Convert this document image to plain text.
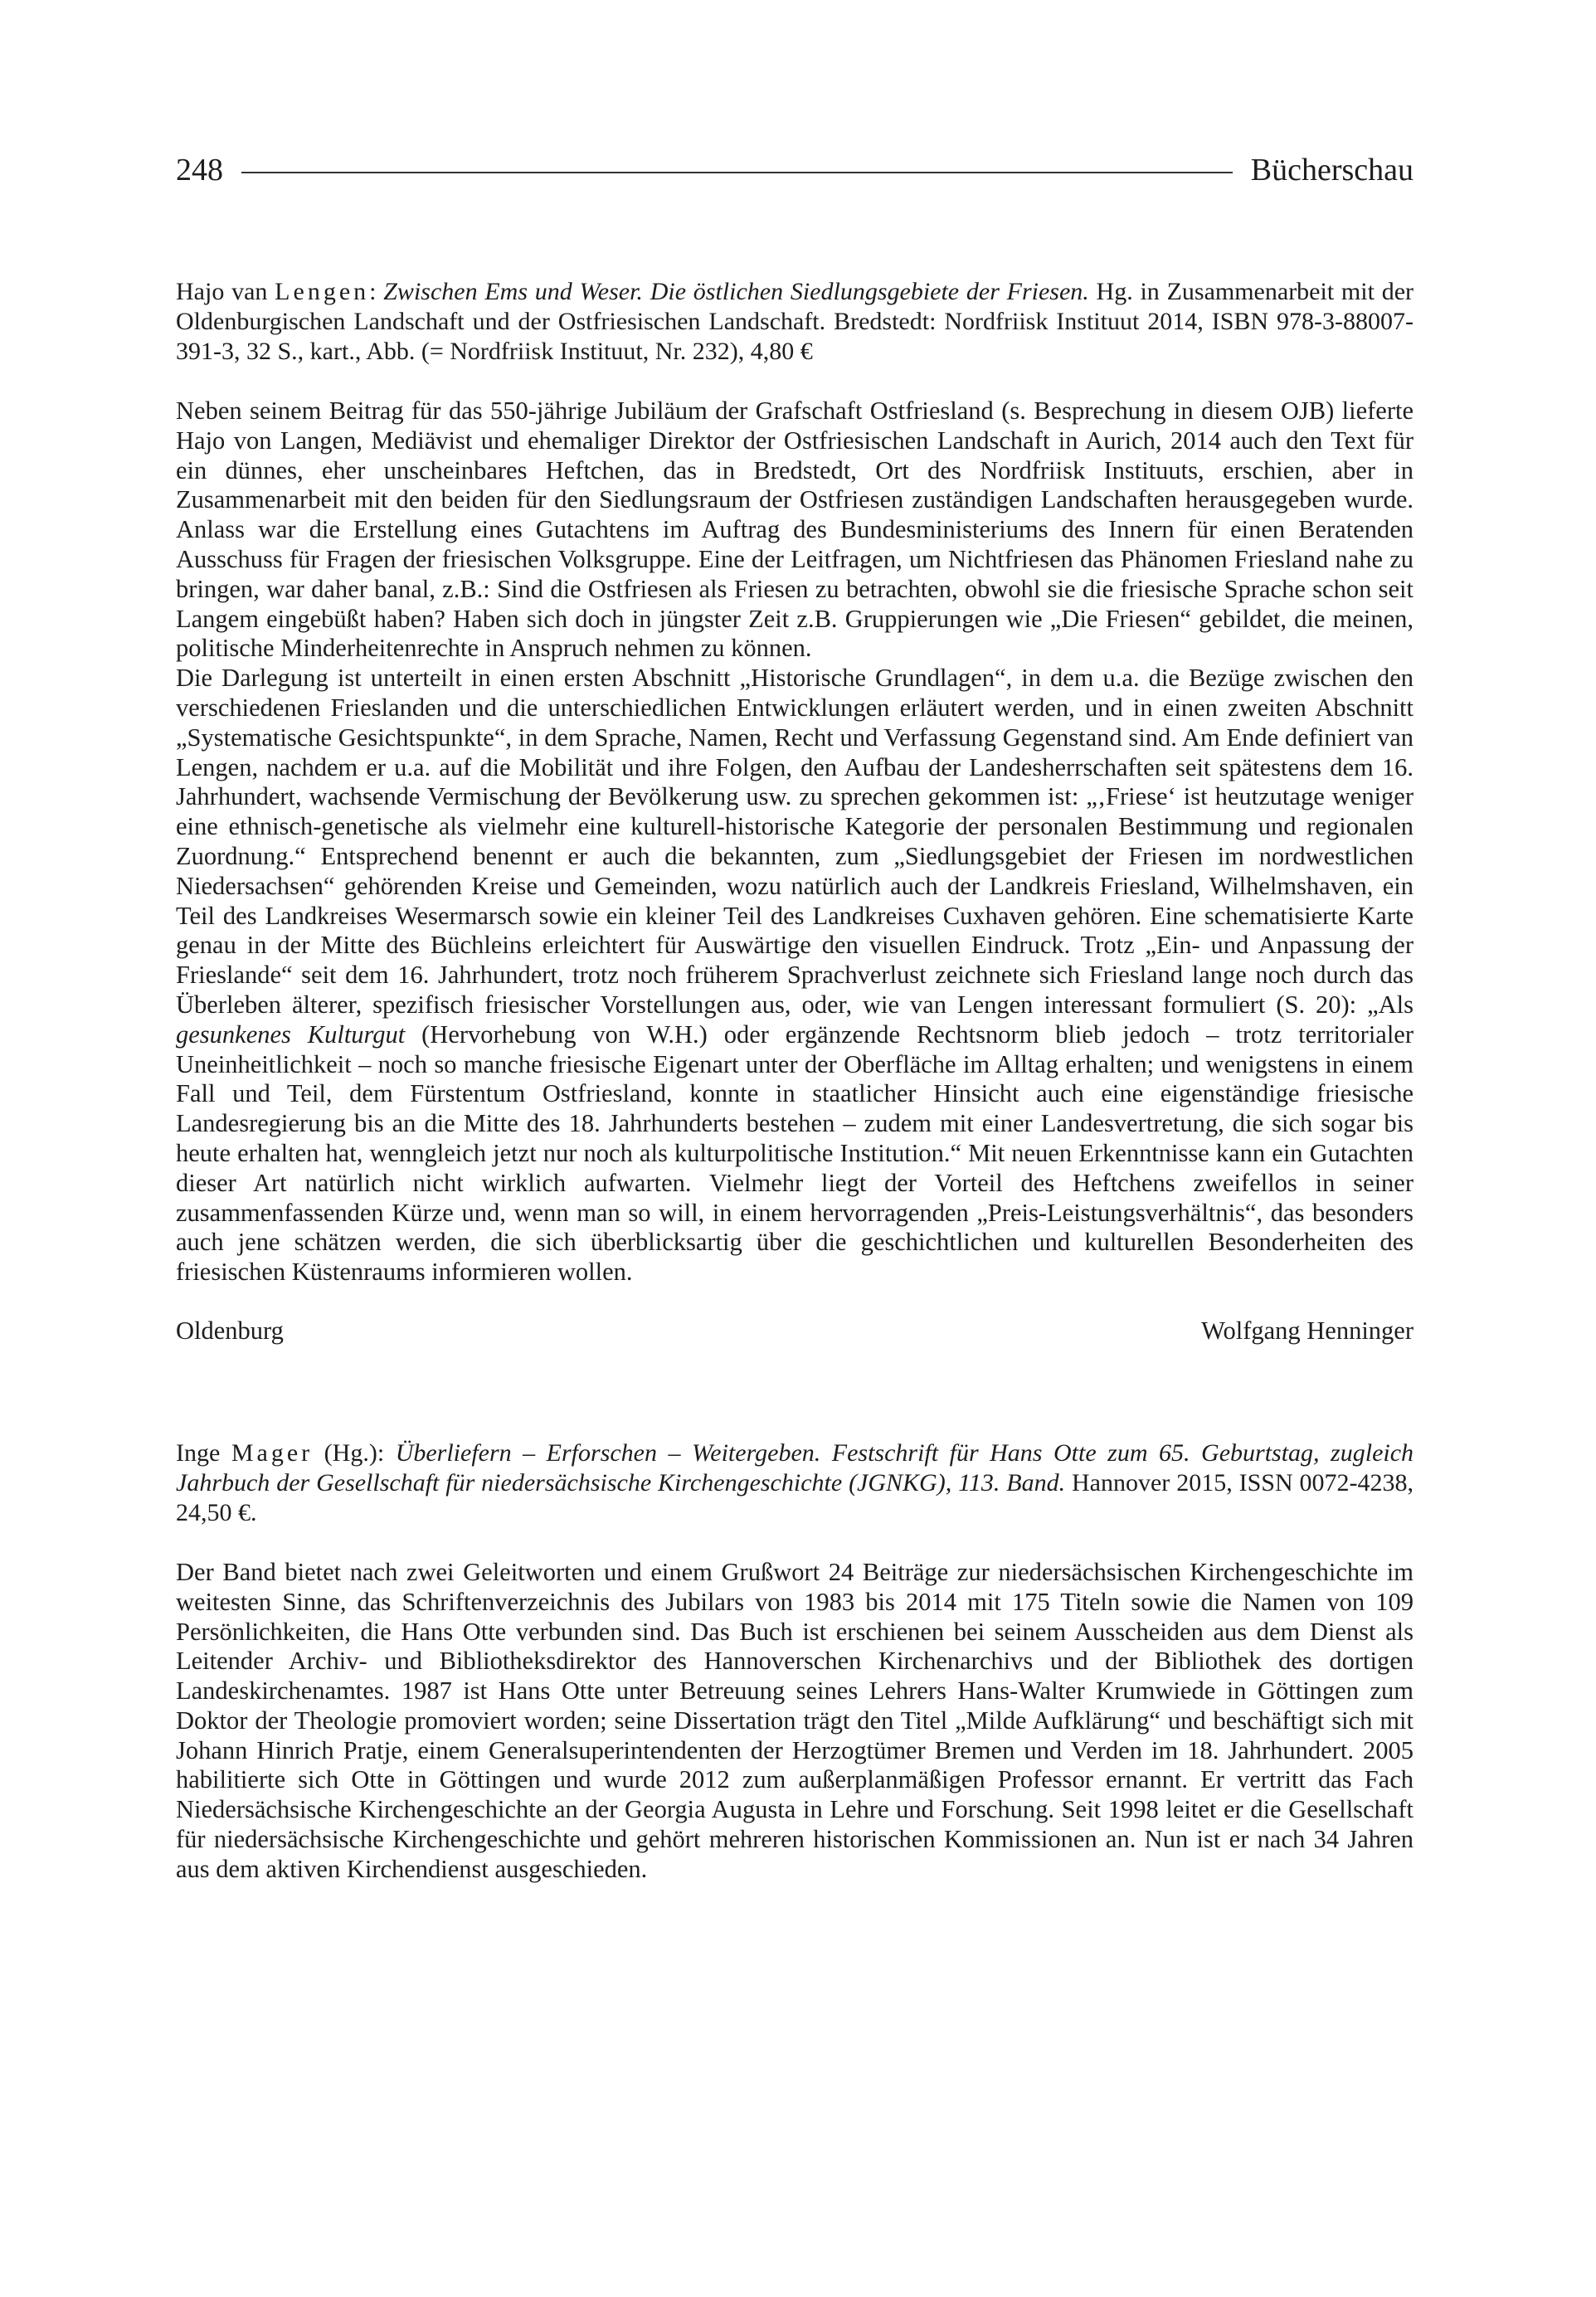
248	Bücherschau

Hajo van Lengen: Zwischen Ems und Weser. Die östlichen Siedlungsgebiete der Friesen. Hg. in Zusammenarbeit mit der Oldenburgischen Landschaft und der Ostfriesischen Landschaft. Bredstedt: Nordfriisk Instituut 2014, ISBN 978-3-88007-391-3, 32 S., kart., Abb. (= Nordfriisk Instituut, Nr. 232), 4,80 €

Neben seinem Beitrag für das 550-jährige Jubiläum der Grafschaft Ostfriesland (s. Besprechung in diesem OJB) lieferte Hajo von Langen, Mediävist und ehemaliger Direktor der Ostfriesischen Landschaft in Aurich, 2014 auch den Text für ein dünnes, eher unscheinbares Heftchen, das in Bredstedt, Ort des Nordfriisk Instituuts, erschien, aber in Zusammenarbeit mit den beiden für den Siedlungsraum der Ostfriesen zuständigen Landschaften herausgegeben wurde. Anlass war die Erstellung eines Gutachtens im Auftrag des Bundesministeriums des Innern für einen Beratenden Ausschuss für Fragen der friesischen Volksgruppe. Eine der Leitfragen, um Nichtfriesen das Phänomen Friesland nahe zu bringen, war daher banal, z.B.: Sind die Ostfriesen als Friesen zu betrachten, obwohl sie die friesische Sprache schon seit Langem eingebüßt haben? Haben sich doch in jüngster Zeit z.B. Gruppierungen wie „Die Friesen“ gebildet, die meinen, politische Minderheitenrechte in Anspruch nehmen zu können.

Die Darlegung ist unterteilt in einen ersten Abschnitt „Historische Grundlagen“, in dem u.a. die Bezüge zwischen den verschiedenen Frieslanden und die unterschiedlichen Entwicklungen erläutert werden, und in einen zweiten Abschnitt „Systematische Gesichtspunkte“, in dem Sprache, Namen, Recht und Verfassung Gegenstand sind. Am Ende definiert van Lengen, nachdem er u.a. auf die Mobilität und ihre Folgen, den Aufbau der Landesherrschaften seit spätestens dem 16. Jahrhundert, wachsende Vermischung der Bevölkerung usw. zu sprechen gekommen ist: „‚Friese‘ ist heutzutage weniger eine ethnisch-genetische als vielmehr eine kulturell-historische Kategorie der personalen Bestimmung und regionalen Zuordnung.“ Entsprechend benennt er auch die bekannten, zum „Siedlungsgebiet der Friesen im nordwestlichen Niedersachsen“ gehörenden Kreise und Gemeinden, wozu natürlich auch der Landkreis Friesland, Wilhelmshaven, ein Teil des Landkreises Wesermarsch sowie ein kleiner Teil des Landkreises Cuxhaven gehören. Eine schematisierte Karte genau in der Mitte des Büchleins erleichtert für Auswärtige den visuellen Eindruck. Trotz „Ein- und Anpassung der Frieslande“ seit dem 16. Jahrhundert, trotz noch früherem Sprachverlust zeichnete sich Friesland lange noch durch das Überleben älterer, spezifisch friesischer Vorstellungen aus, oder, wie van Lengen interessant formuliert (S. 20): „Als gesunkenes Kulturgut (Hervorhebung von W.H.) oder ergänzende Rechtsnorm blieb jedoch – trotz territorialer Uneinheitlichkeit – noch so manche friesische Eigenart unter der Oberfläche im Alltag erhalten; und wenigstens in einem Fall und Teil, dem Fürstentum Ostfriesland, konnte in staatlicher Hinsicht auch eine eigenständige friesische Landesregierung bis an die Mitte des 18. Jahrhunderts bestehen – zudem mit einer Landesvertretung, die sich sogar bis heute erhalten hat, wenngleich jetzt nur noch als kulturpolitische Institution.“ Mit neuen Erkenntnisse kann ein Gutachten dieser Art natürlich nicht wirklich aufwarten. Vielmehr liegt der Vorteil des Heftchens zweifellos in seiner zusammenfassenden Kürze und, wenn man so will, in einem hervorragenden „Preis-Leistungsverhältnis“, das besonders auch jene schätzen werden, die sich überblicksartig über die geschichtlichen und kulturellen Besonderheiten des friesischen Küstenraums informieren wollen.

Oldenburg	Wolfgang Henninger

Inge Mager (Hg.): Überliefern – Erforschen – Weitergeben. Festschrift für Hans Otte zum 65. Geburtstag, zugleich Jahrbuch der Gesellschaft für niedersächsische Kirchengeschichte (JGNKG), 113. Band. Hannover 2015, ISSN 0072-4238, 24,50 €.

Der Band bietet nach zwei Geleitworten und einem Grußwort 24 Beiträge zur niedersächsischen Kirchengeschichte im weitesten Sinne, das Schriftenverzeichnis des Jubilars von 1983 bis 2014 mit 175 Titeln sowie die Namen von 109 Persönlichkeiten, die Hans Otte verbunden sind. Das Buch ist erschienen bei seinem Ausscheiden aus dem Dienst als Leitender Archiv- und Bibliotheksdirektor des Hannoverschen Kirchenarchivs und der Bibliothek des dortigen Landeskirchenamtes. 1987 ist Hans Otte unter Betreuung seines Lehrers Hans-Walter Krumwiede in Göttingen zum Doktor der Theologie promoviert worden; seine Dissertation trägt den Titel „Milde Aufklärung“ und beschäftigt sich mit Johann Hinrich Pratje, einem Generalsuperintendenten der Herzogtümer Bremen und Verden im 18. Jahrhundert. 2005 habilitierte sich Otte in Göttingen und wurde 2012 zum außerplanmäßigen Professor ernannt. Er vertritt das Fach Niedersächsische Kirchengeschichte an der Georgia Augusta in Lehre und Forschung. Seit 1998 leitet er die Gesellschaft für niedersächsische Kirchengeschichte und gehört mehreren historischen Kommissionen an. Nun ist er nach 34 Jahren aus dem aktiven Kirchendienst ausgeschieden.
